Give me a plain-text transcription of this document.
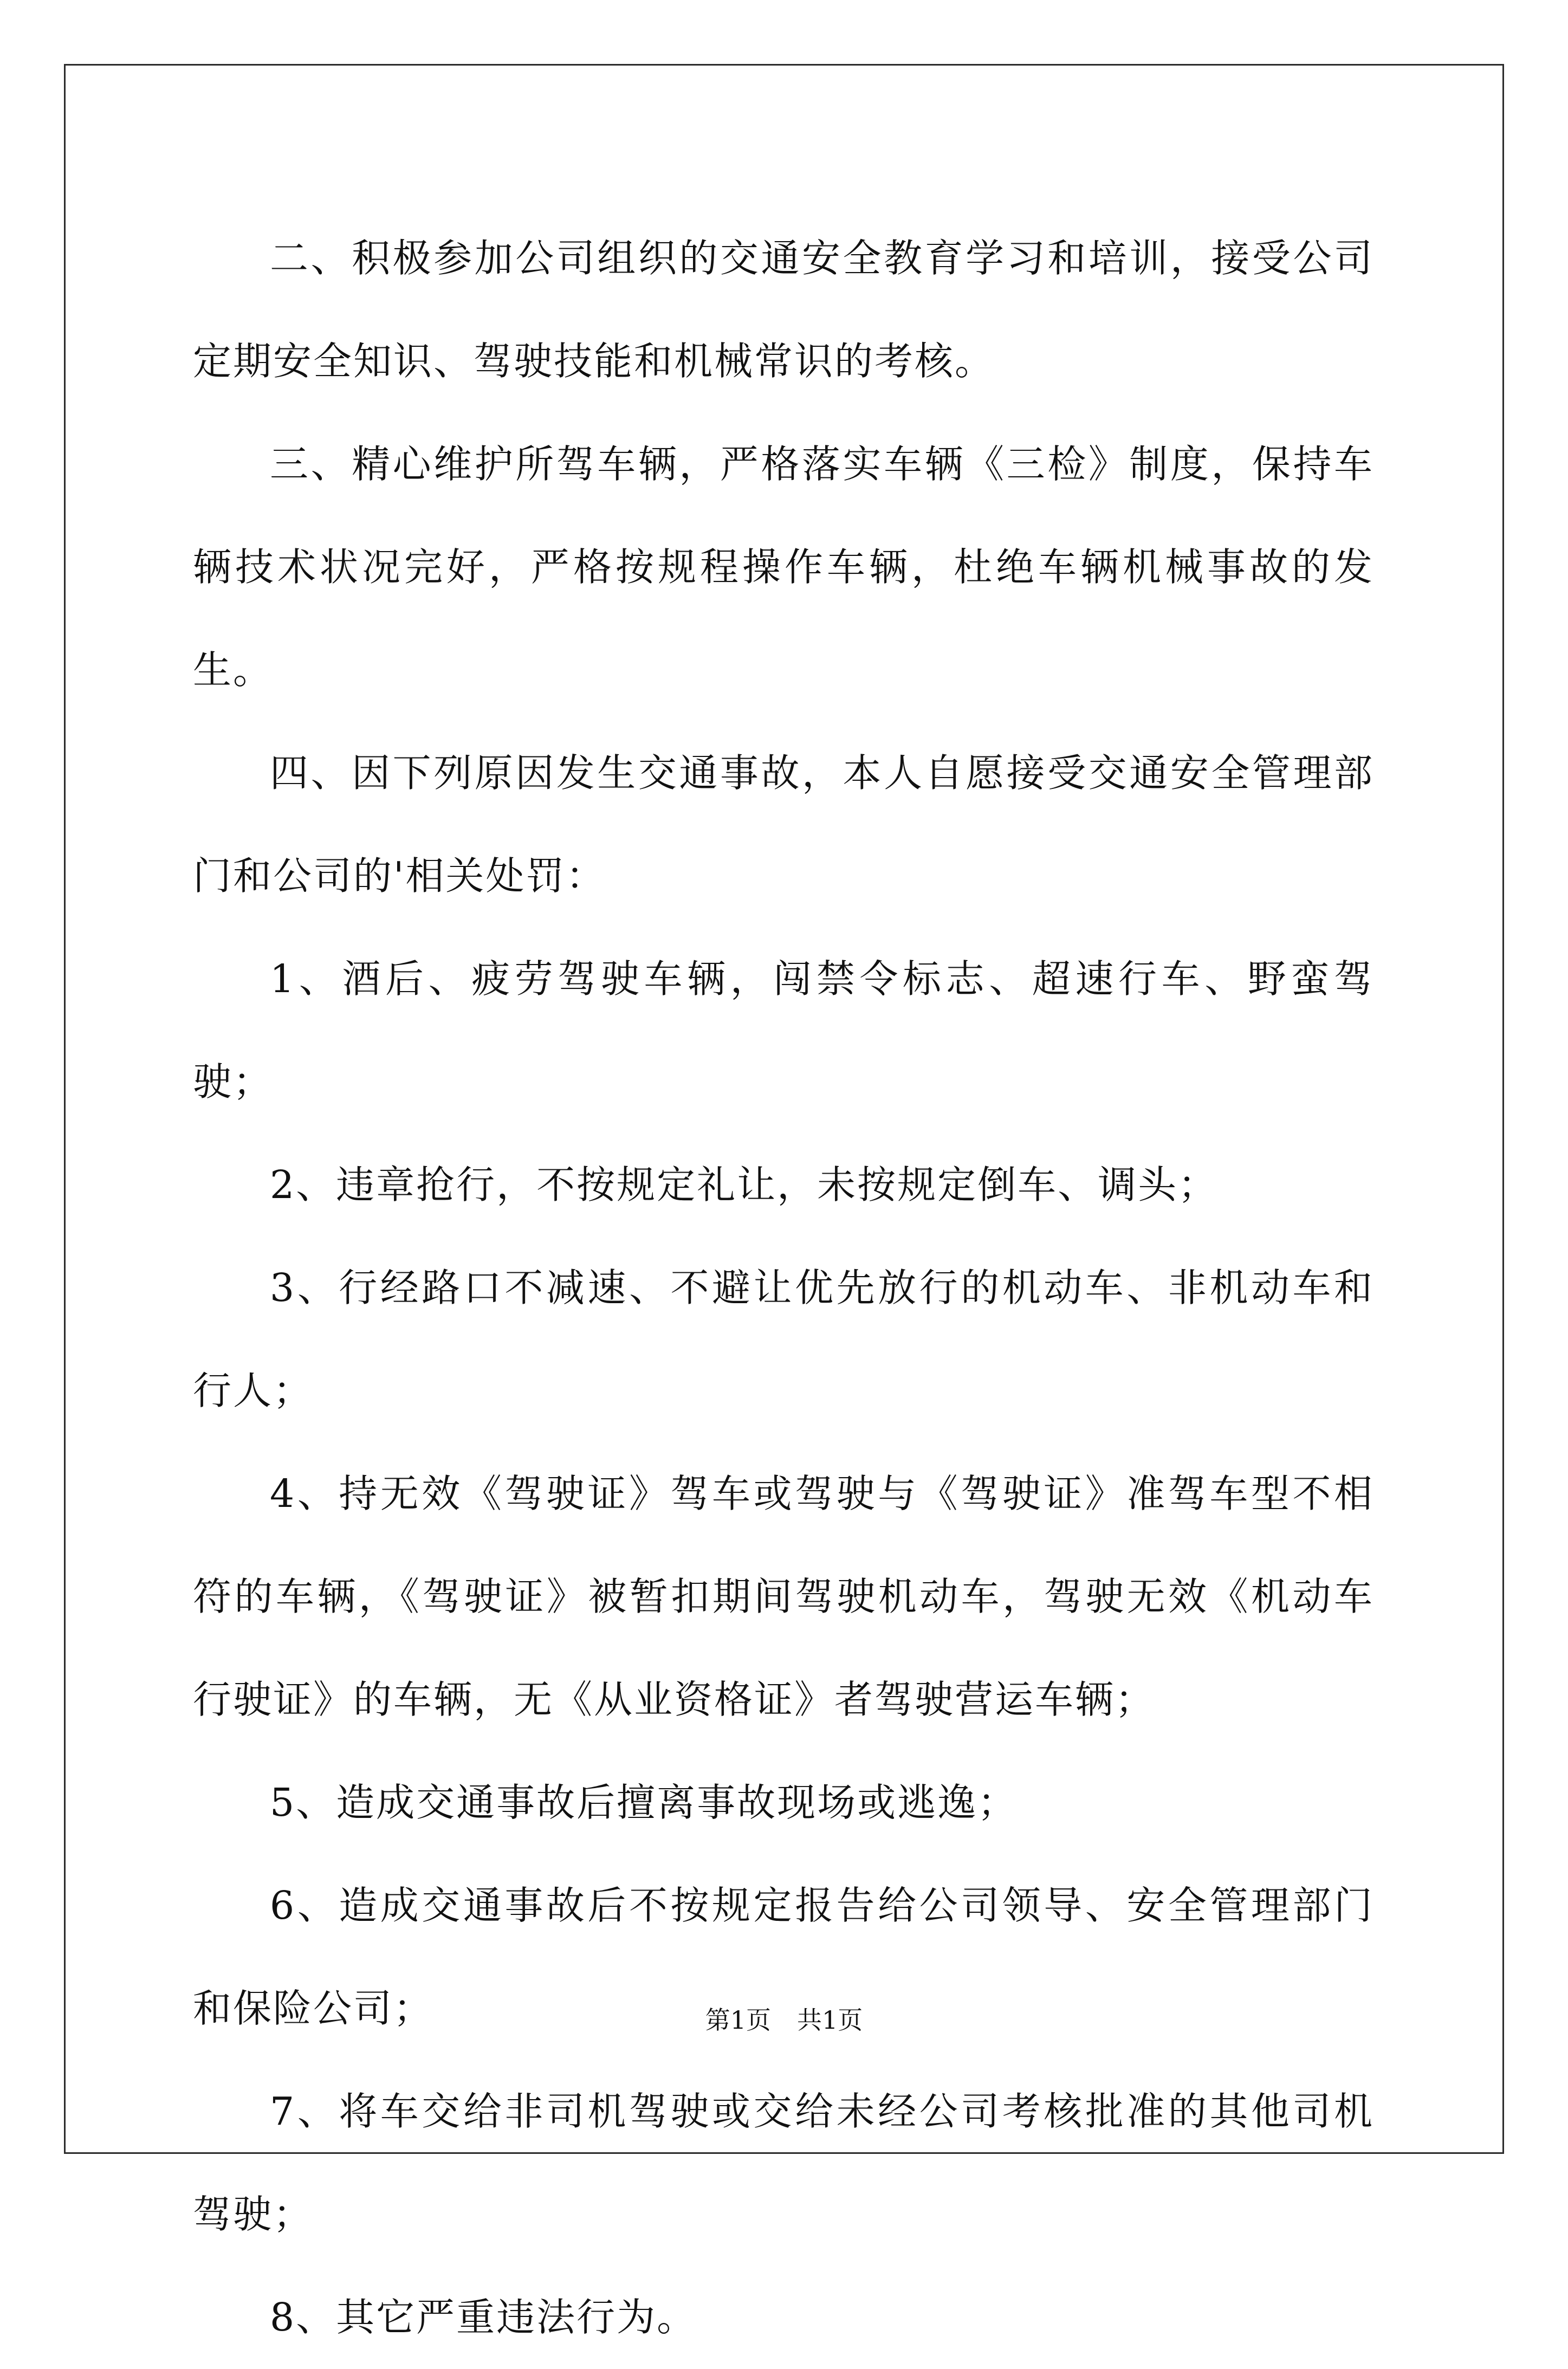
二、积极参加公司组织的交通安全教育学习和培训，接受公司定期安全知识、驾驶技能和机械常识的考核。

三、精心维护所驾车辆，严格落实车辆《三检》制度，保持车辆技术状况完好，严格按规程操作车辆，杜绝车辆机械事故的发生。

四、因下列原因发生交通事故，本人自愿接受交通安全管理部门和公司的'相关处罚：

1、酒后、疲劳驾驶车辆，闯禁令标志、超速行车、野蛮驾驶；

2、违章抢行，不按规定礼让，未按规定倒车、调头；

3、行经路口不减速、不避让优先放行的机动车、非机动车和行人；

4、持无效《驾驶证》驾车或驾驶与《驾驶证》准驾车型不相符的车辆，《驾驶证》被暂扣期间驾驶机动车，驾驶无效《机动车行驶证》的车辆，无《从业资格证》者驾驶营运车辆；

5、造成交通事故后擅离事故现场或逃逸；

6、造成交通事故后不按规定报告给公司领导、安全管理部门和保险公司；

7、将车交给非司机驾驶或交给未经公司考核批准的其他司机驾驶；

8、其它严重违法行为。

第1页 共1页
